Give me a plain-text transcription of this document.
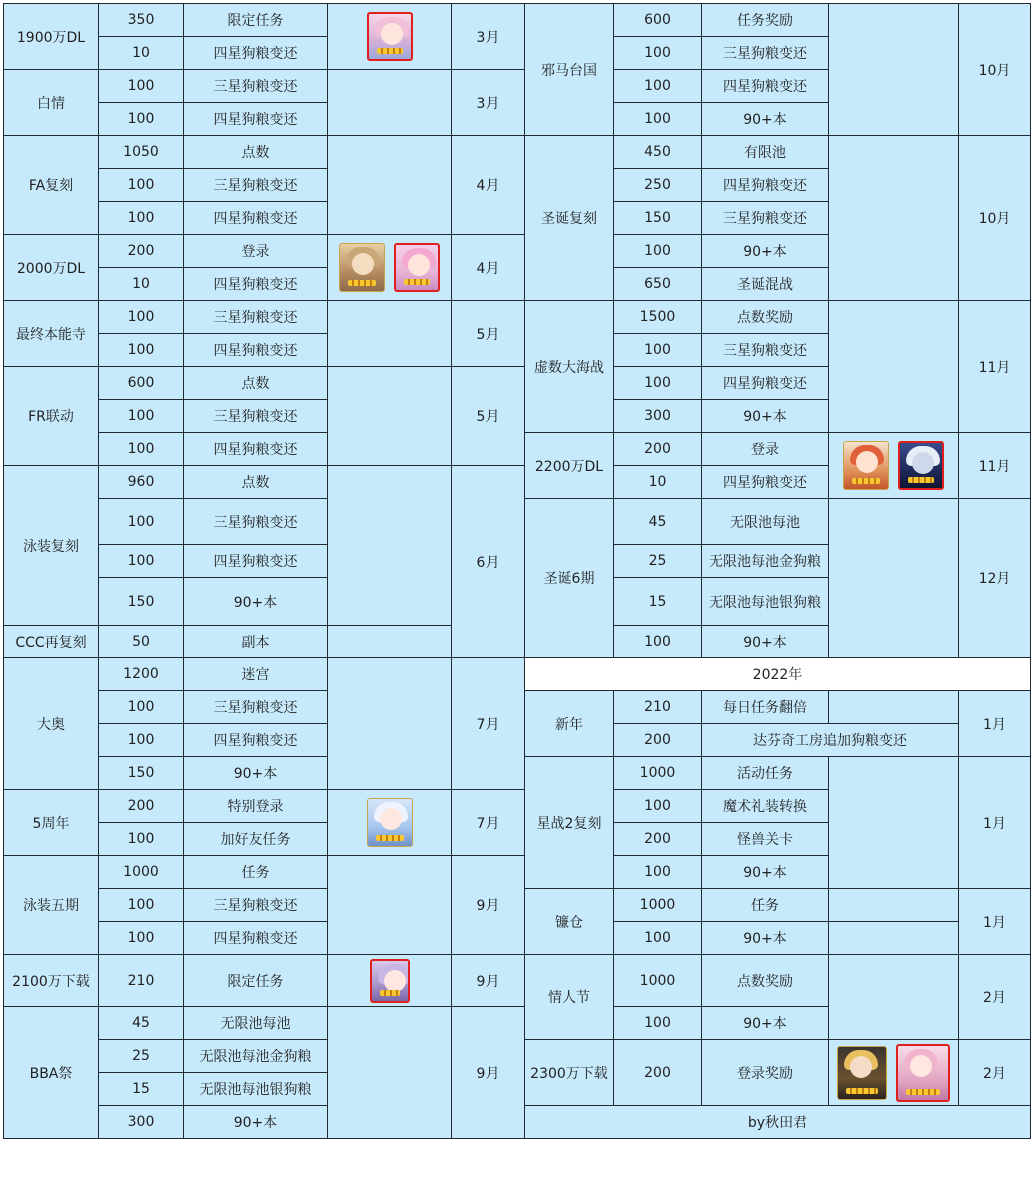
1900万DL	350	限定任务		3月
	10	四星狗粮变还		
白情	100	三星狗粮变还		3月
	100	四星狗粮变还		
FA复刻	1050	点数		4月
	100	三星狗粮变还		
	100	四星狗粮变还		
2000万DL	200	登录		4月
	10	四星狗粮变还		
最终本能寺	100	三星狗粮变还		5月
	100	四星狗粮变还		
FR联动	600	点数		5月
	100	三星狗粮变还		
	100	四星狗粮变还		
泳装复刻	960	点数		6月
	100	三星狗粮变还		
	100	四星狗粮变还		
	150	90+本		
CCC再复刻	50	副本		
大奥	1200	迷宫		7月
	100	三星狗粮变还		
	100	四星狗粮变还		
	150	90+本		
5周年	200	特别登录		7月
	100	加好友任务		
泳装五期	1000	任务		9月
	100	三星狗粮变还		
	100	四星狗粮变还		
2100万下载	210	限定任务		9月
BBA祭	45	无限池每池		9月
	25	无限池每池金狗粮		
	15	无限池每池银狗粮		
	300	90+本		
邪马台国	600	任务奖励		10月
	100	三星狗粮变还		
	100	四星狗粮变还		
	100	90+本		
圣诞复刻	450	有限池		10月
	250	四星狗粮变还		
	150	三星狗粮变还		
	100	90+本		
	650	圣诞混战		
虚数大海战	1500	点数奖励		11月
	100	三星狗粮变还		
	100	四星狗粮变还		
	300	90+本		
2200万DL	200	登录		11月
	10	四星狗粮变还		
圣诞6期	45	无限池每池		12月
	25	无限池每池金狗粮		
	15	无限池每池银狗粮		
	100	90+本		
2022年				
新年	210	每日任务翻倍		1月
	200	达芬奇工房追加狗粮变还		
星战2复刻	1000	活动任务		1月
	100	魔术礼装转换		
	200	怪兽关卡		
	100	90+本		
镰仓	1000	任务		1月
	100	90+本		
情人节	1000	点数奖励		2月
	100	90+本		
2300万下载	200	登录奖励		2月
by秋田君				
